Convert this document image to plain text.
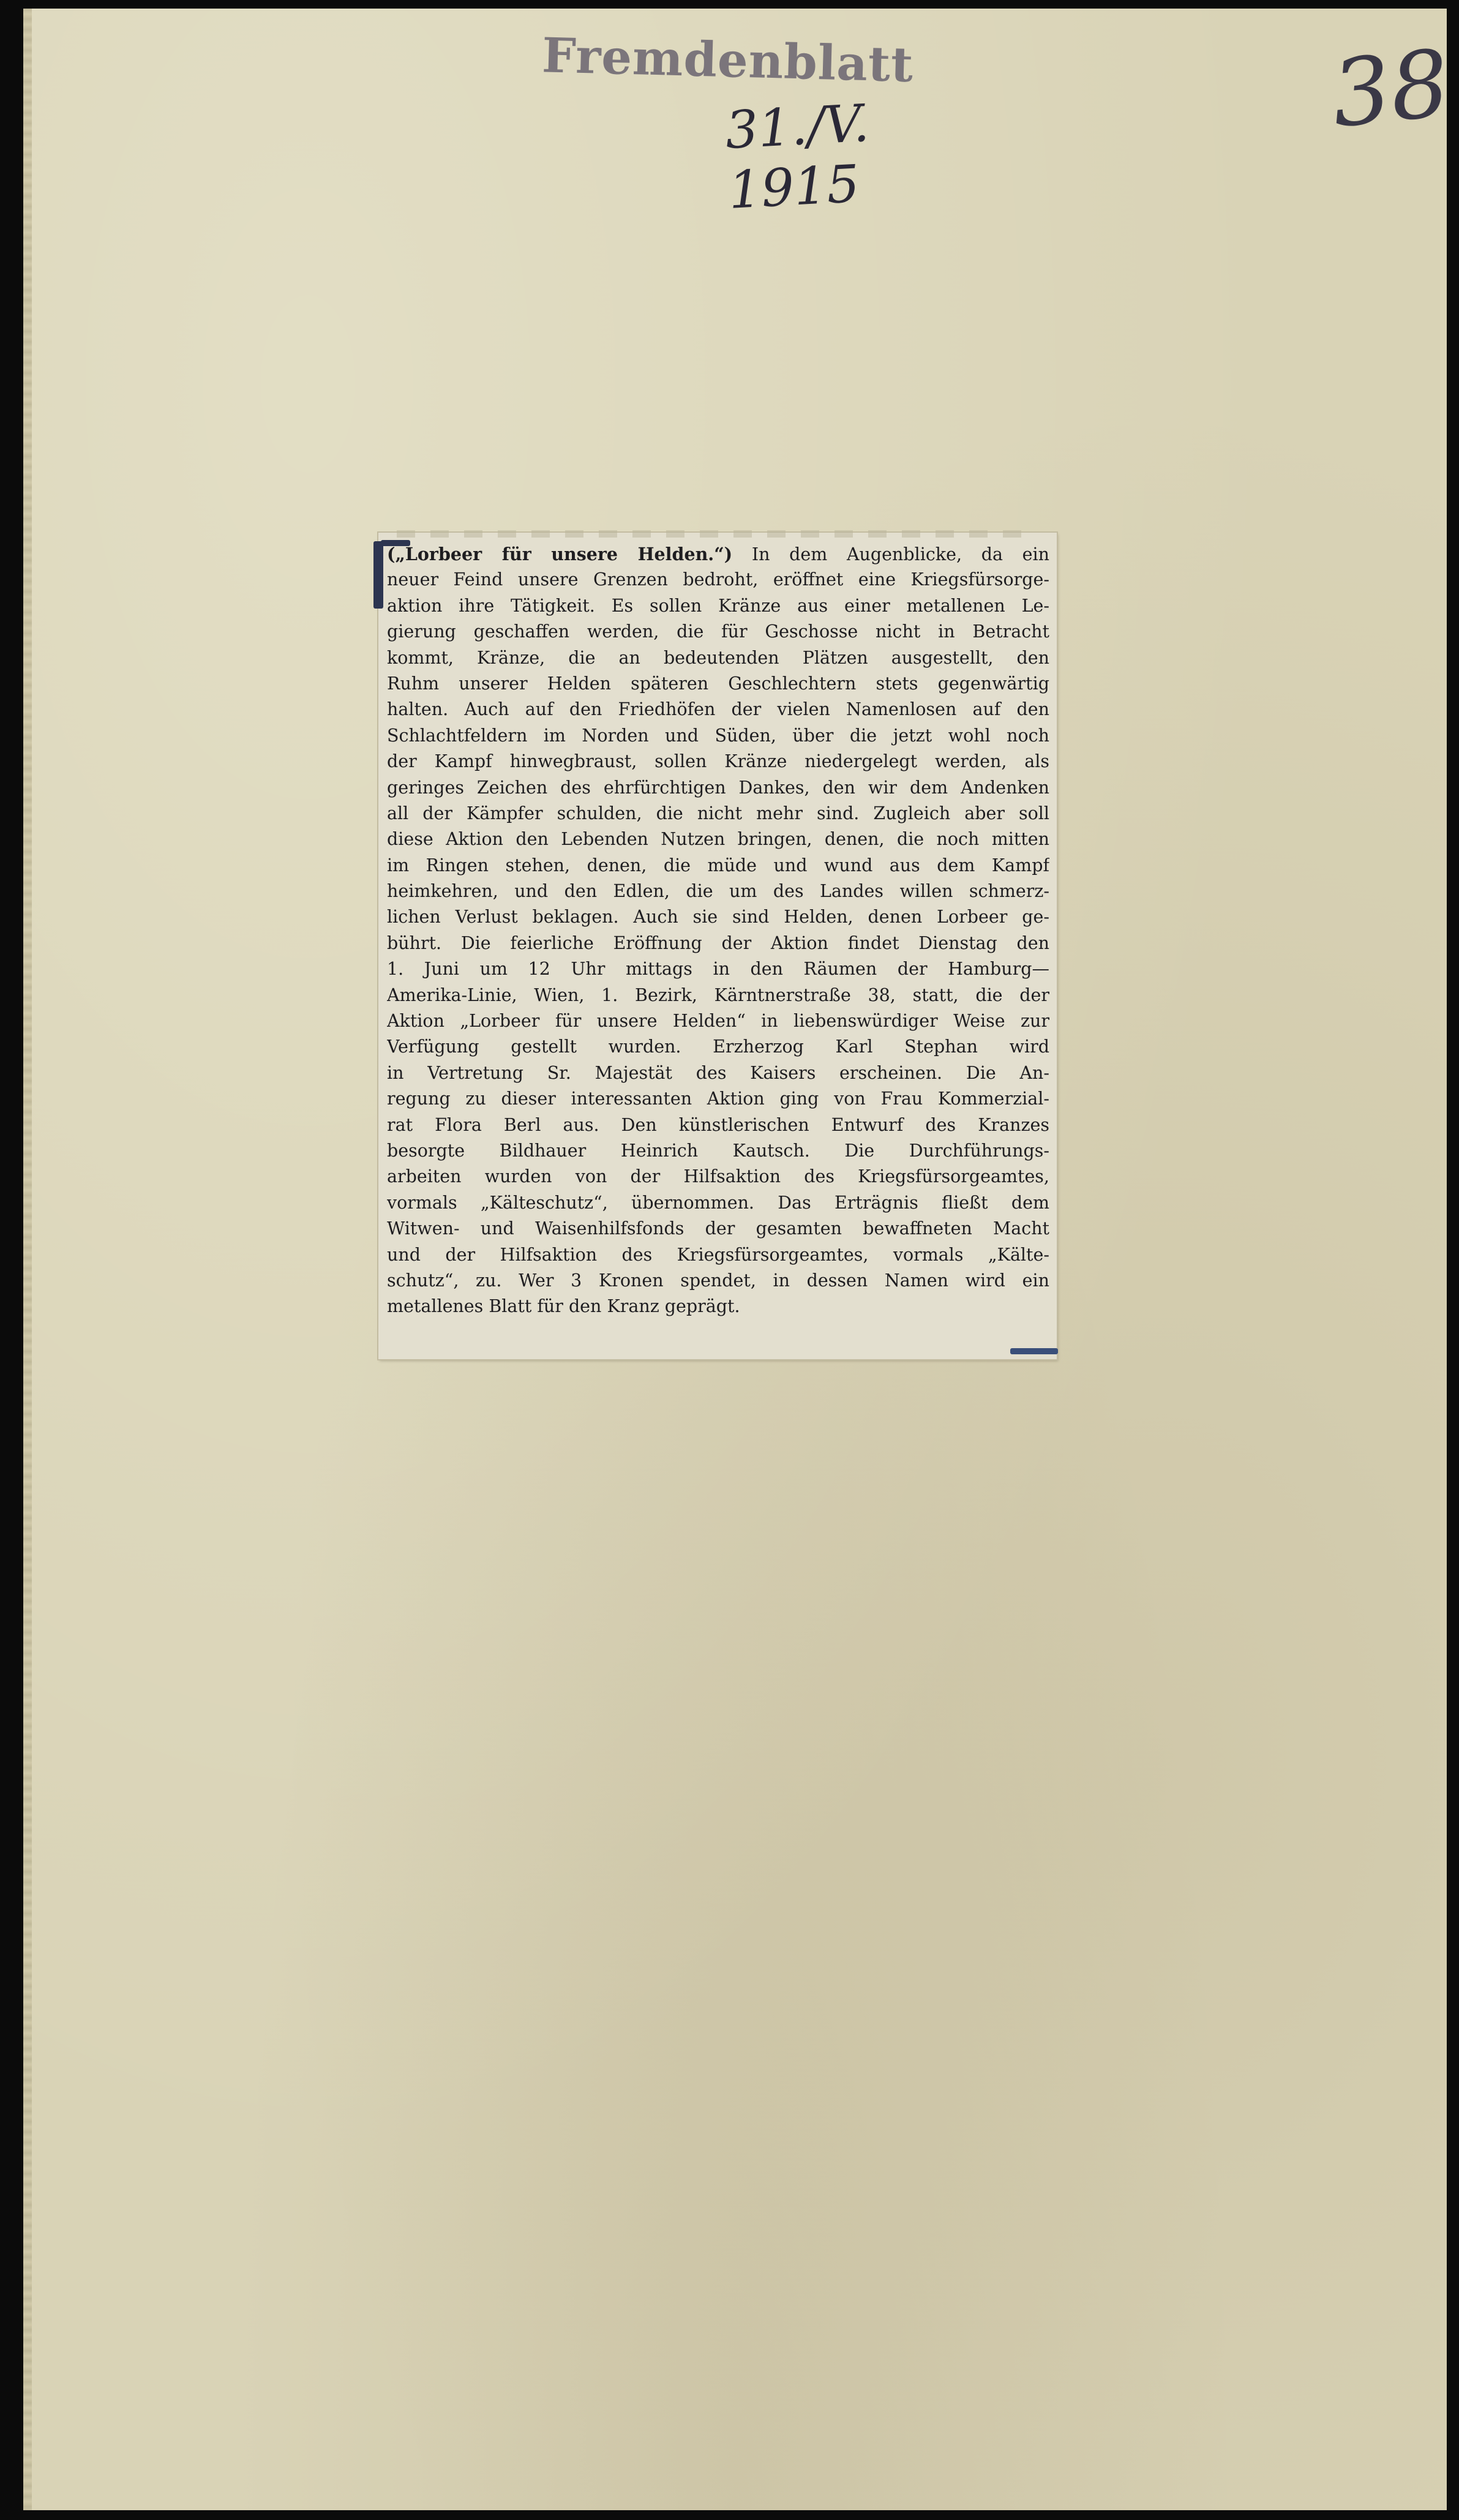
Fremdenblatt
31./V. 1915
38

(„Lorbeer für unsere Helden.“) In dem Augenblicke, da ein
neuer Feind unsere Grenzen bedroht, eröffnet eine Kriegsfürsorge-
aktion ihre Tätigkeit. Es sollen Kränze aus einer metallenen Le-
gierung geschaffen werden, die für Geschosse nicht in Betracht
kommt, Kränze, die an bedeutenden Plätzen ausgestellt, den
Ruhm unserer Helden späteren Geschlechtern stets gegenwärtig
halten. Auch auf den Friedhöfen der vielen Namenlosen auf den
Schlachtfeldern im Norden und Süden, über die jetzt wohl noch
der Kampf hinwegbraust, sollen Kränze niedergelegt werden, als
geringes Zeichen des ehrfürchtigen Dankes, den wir dem Andenken
all der Kämpfer schulden, die nicht mehr sind. Zugleich aber soll
diese Aktion den Lebenden Nutzen bringen, denen, die noch mitten
im Ringen stehen, denen, die müde und wund aus dem Kampf
heimkehren, und den Edlen, die um des Landes willen schmerz-
lichen Verlust beklagen. Auch sie sind Helden, denen Lorbeer ge-
bührt. Die feierliche Eröffnung der Aktion findet Dienstag den
1. Juni um 12 Uhr mittags in den Räumen der Hamburg—
Amerika-Linie, Wien, 1. Bezirk, Kärntnerstraße 38, statt, die der
Aktion „Lorbeer für unsere Helden“ in liebenswürdiger Weise zur
Verfügung gestellt wurden. Erzherzog Karl Stephan wird
in Vertretung Sr. Majestät des Kaisers erscheinen. Die An-
regung zu dieser interessanten Aktion ging von Frau Kommerzial-
rat Flora Berl aus. Den künstlerischen Entwurf des Kranzes
besorgte Bildhauer Heinrich Kautsch. Die Durchführungs-
arbeiten wurden von der Hilfsaktion des Kriegsfürsorgeamtes,
vormals „Kälteschutz“, übernommen. Das Erträgnis fließt dem
Witwen- und Waisenhilfsfonds der gesamten bewaffneten Macht
und der Hilfsaktion des Kriegsfürsorgeamtes, vormals „Kälte-
schutz“, zu. Wer 3 Kronen spendet, in dessen Namen wird ein
metallenes Blatt für den Kranz geprägt.
